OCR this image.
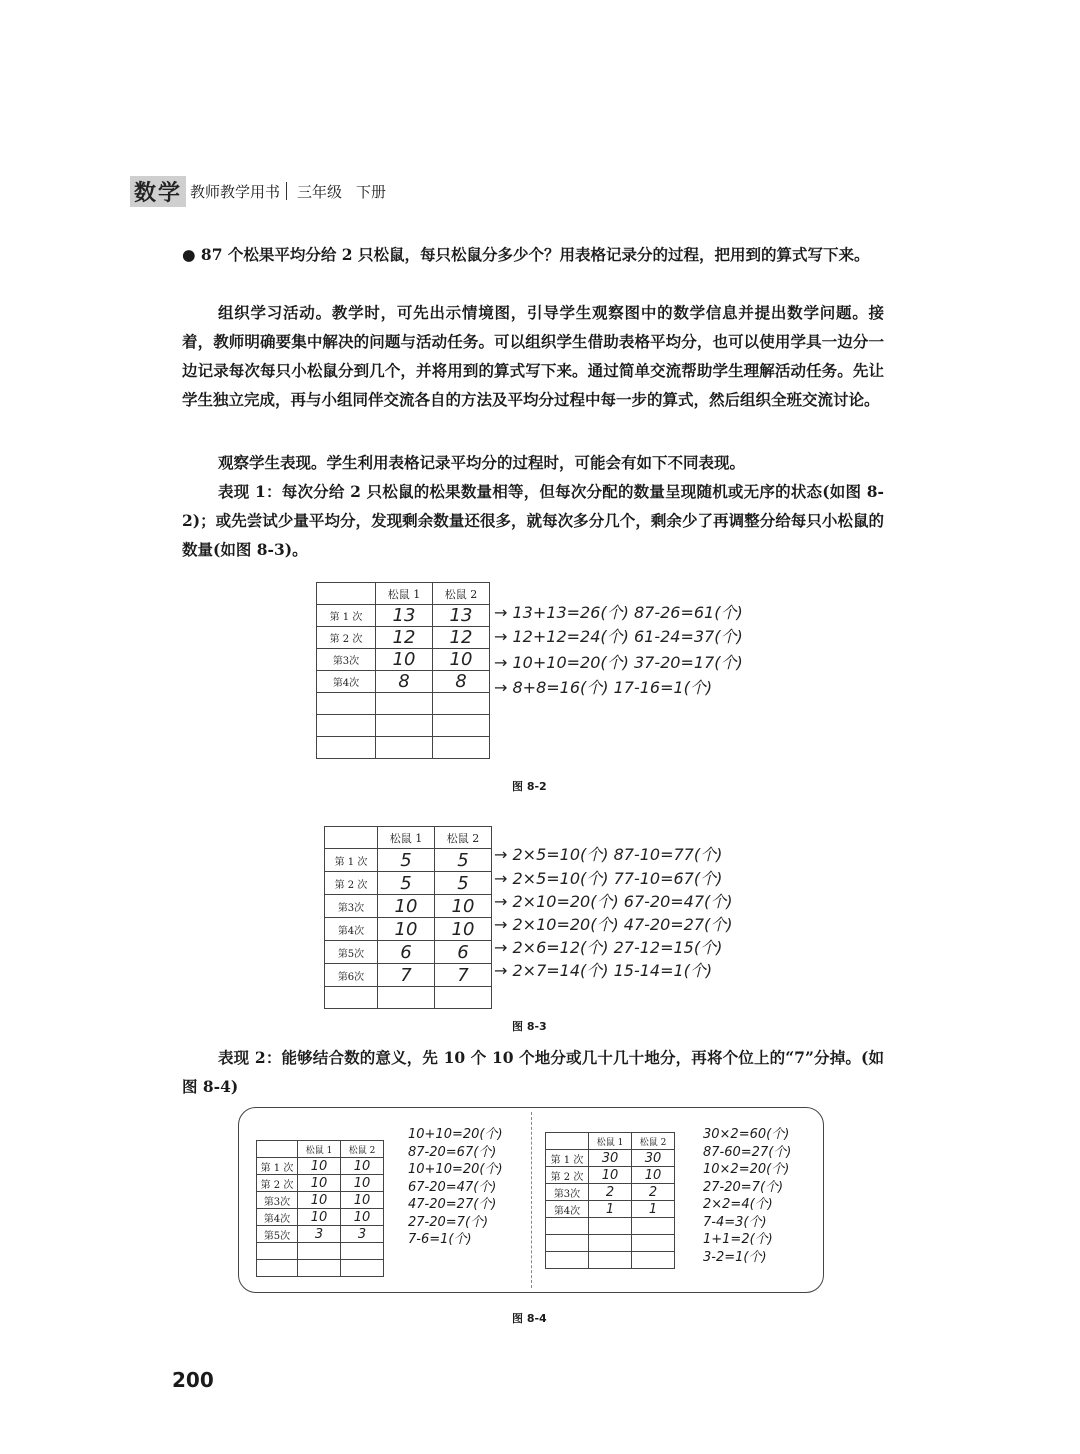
数学 教师教学用书 三年级 下册
● 87 个松果平均分给 2 只松鼠，每只松鼠分多少个？用表格记录分的过程，把用到的算式写下来。
组织学习活动。教学时，可先出示情境图，引导学生观察图中的数学信息并提出数学问题。接着，教师明确要集中解决的问题与活动任务。可以组织学生借助表格平均分，也可以使用学具一边分一边记录每次每只小松鼠分到几个，并将用到的算式写下来。通过简单交流帮助学生理解活动任务。先让学生独立完成，再与小组同伴交流各自的方法及平均分过程中每一步的算式，然后组织全班交流讨论。
观察学生表现。学生利用表格记录平均分的过程时，可能会有如下不同表现。
表现 1：每次分给 2 只松鼠的松果数量相等，但每次分配的数量呈现随机或无序的状态(如图 8-2)；或先尝试少量平均分，发现剩余数量还很多，就每次多分几个，剩余少了再调整分给每只小松鼠的数量(如图 8-3)。
	松鼠 1	松鼠 2
第 1 次	13	13
第 2 次	12	12
第3次	10	10
第4次	8	8

→ 13+13=26(个) 87-26=61(个)
→ 12+12=24(个) 61-24=37(个)
→ 10+10=20(个) 37-20=17(个)
→ 8+8=16(个) 17-16=1(个)
图 8-2
	松鼠 1	松鼠 2
第 1 次	5	5
第 2 次	5	5
第3次	10	10
第4次	10	10
第5次	6	6
第6次	7	7

→ 2×5=10(个) 87-10=77(个)
→ 2×5=10(个) 77-10=67(个)
→ 2×10=20(个) 67-20=47(个)
→ 2×10=20(个) 47-20=27(个)
→ 2×6=12(个) 27-12=15(个)
→ 2×7=14(个) 15-14=1(个)
图 8-3
表现 2：能够结合数的意义，先 10 个 10 个地分或几十几十地分，再将个位上的“7”分掉。(如图 8-4)
	松鼠 1	松鼠 2
第 1 次	10	10
第 2 次	10	10
第3次	10	10
第4次	10	10
第5次	3	3

10+10=20(个)
87-20=67(个)
10+10=20(个)
67-20=47(个)
47-20=27(个)
27-20=7(个)
7-6=1(个)
	松鼠 1	松鼠 2
第 1 次	30	30
第 2 次	10	10
第3次	2	2
第4次	1	1

30×2=60(个)
87-60=27(个)
10×2=20(个)
27-20=7(个)
2×2=4(个)
7-4=3(个)
1+1=2(个)
3-2=1(个)
图 8-4
200
